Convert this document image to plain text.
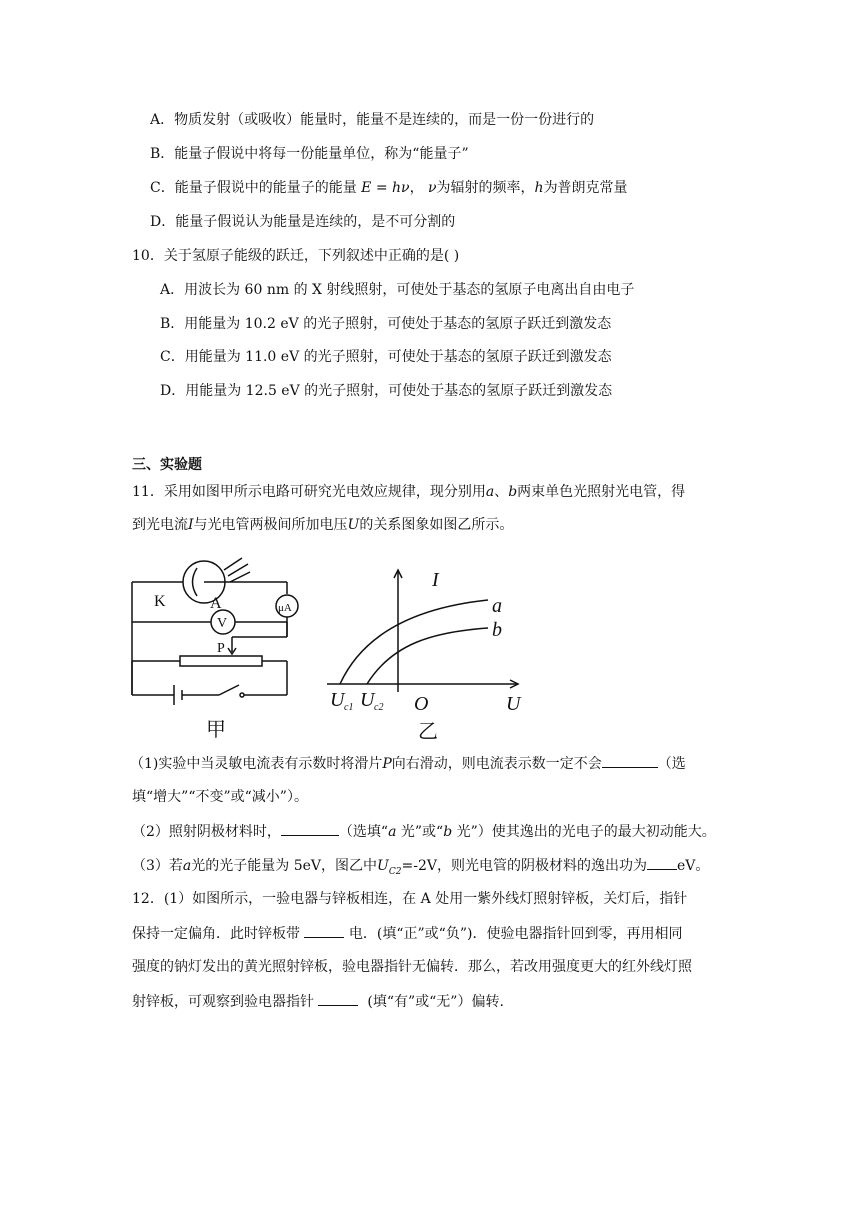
A．物质发射（或吸收）能量时，能量不是连续的，而是一份一份进行的
B．能量子假说中将每一份能量单位，称为“能量子”
C．能量子假说中的能量子的能量 E = hν， ν为辐射的频率，h为普朗克常量
D．能量子假说认为能量是连续的，是不可分割的
10．关于氢原子能级的跃迁，下列叙述中正确的是( )
A．用波长为 60 nm 的 X 射线照射，可使处于基态的氢原子电离出自由电子
B．用能量为 10.2 eV 的光子照射，可使处于基态的氢原子跃迁到激发态
C．用能量为 11.0 eV 的光子照射，可使处于基态的氢原子跃迁到激发态
D．用能量为 12.5 eV 的光子照射，可使处于基态的氢原子跃迁到激发态
三、实验题
11．采用如图甲所示电路可研究光电效应规律，现分别用a、b两束单色光照射光电管，得
到光电流I与光电管两极间所加电压U的关系图象如图乙所示。
K	A	μA
V
P
甲
I
U
O
a
b
U c1 U c2
乙
（1)实验中当灵敏电流表有示数时将滑片P向右滑动，则电流表示数一定不会	（选
填“增大”“不变”或“减小”）。
（2）照射阴极材料时，	（选填“a 光”或“b 光”）使其逸出的光电子的最大初动能大。
（3）若a光的光子能量为 5eV，图乙中$U_{C2}=-2V$，则光电管的阴极材料的逸出功为 eV。
12．(1）如图所示，一验电器与锌板相连，在 A 处用一紫外线灯照射锌板，关灯后，指针
保持一定偏角．此时锌板带	电．(填“正”或“负”)．使验电器指针回到零，再用相同
强度的钠灯发出的黄光照射锌板，验电器指针无偏转．那么，若改用强度更大的红外线灯照
射锌板，可观察到验电器指针	(填“有”或“无”）偏转.
